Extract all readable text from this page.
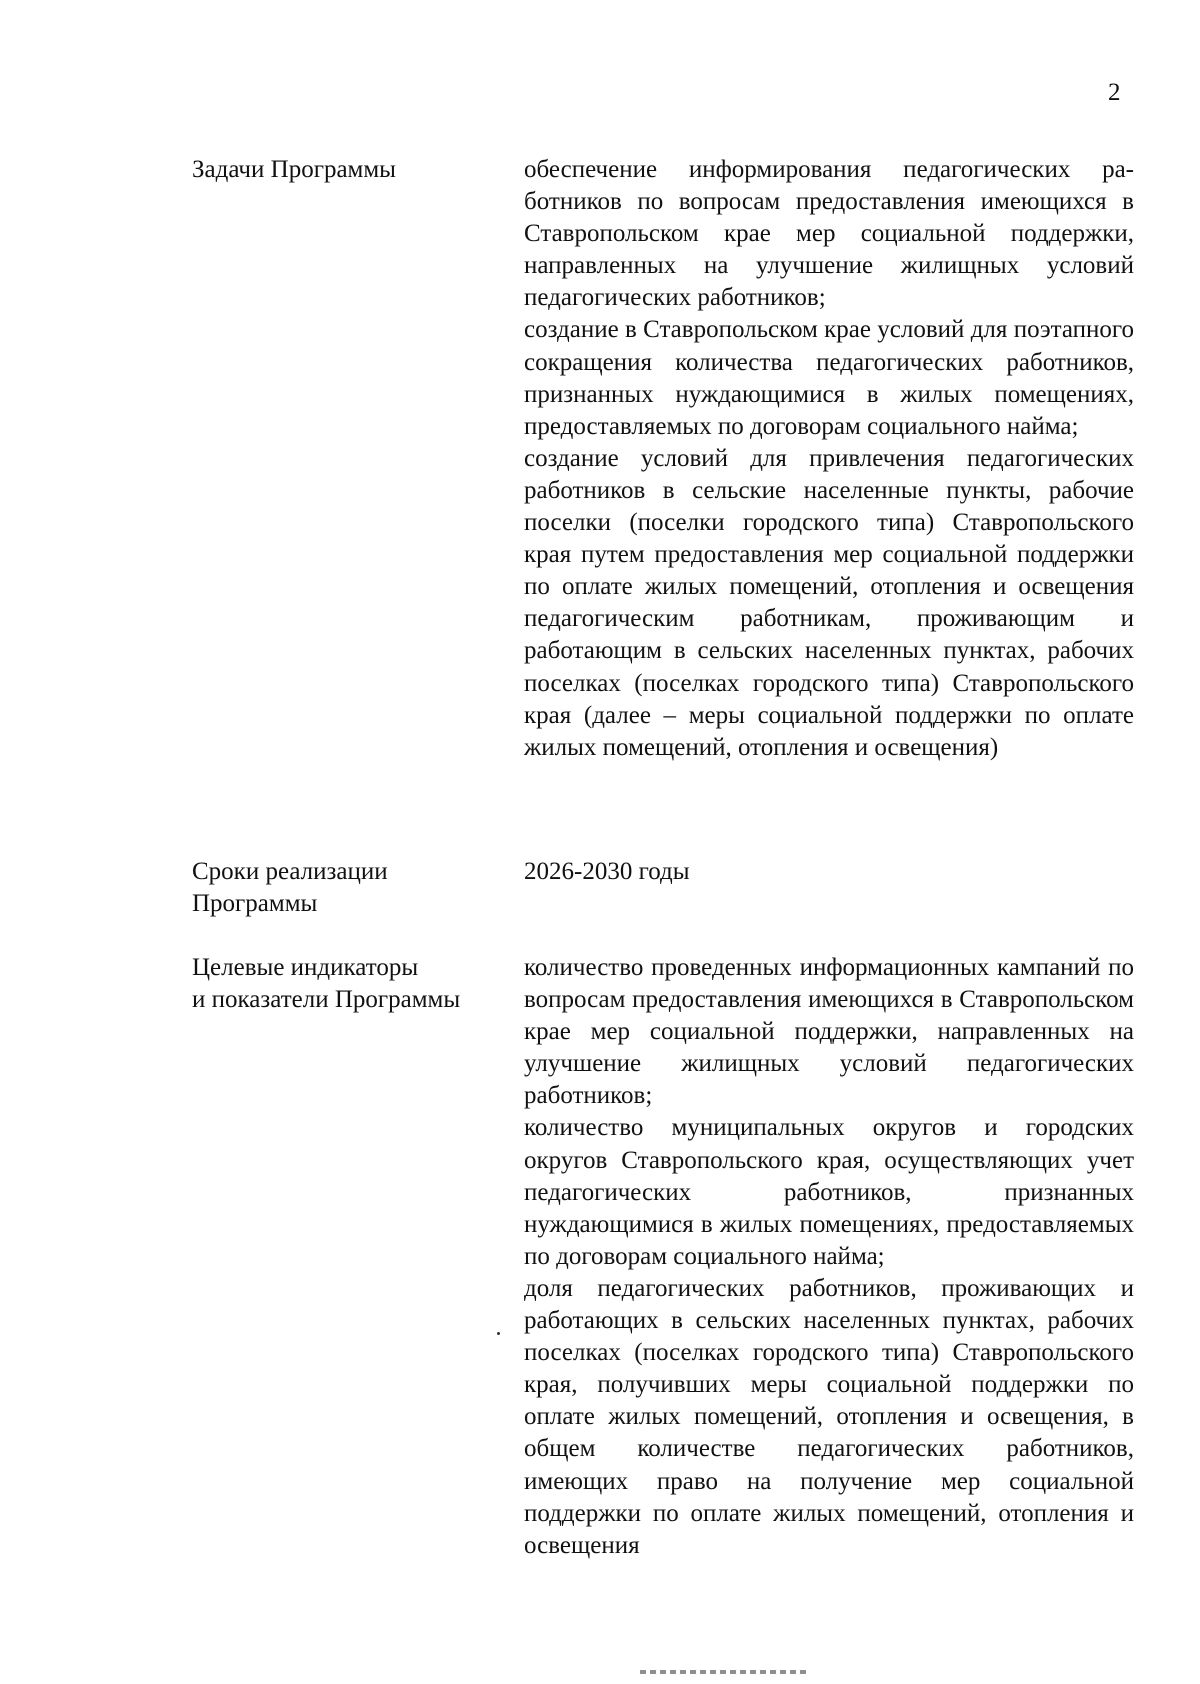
2
Задачи Программы	обеспечение информирования педагогических работников по вопросам предоставления имеющихся в Ставропольском крае мер социальной поддержки, направленных на улучшение жилищных условий педагогических работников;

создание в Ставропольском крае условий для поэтапного сокращения количества педагогических работников, признанных нуждающимися в жилых помещениях, предоставляемых по договорам социального найма;

создание условий для привлечения педагогических работников в сельские населенные пункты, рабочие поселки (поселки городского типа) Ставропольского края путем предоставления мер социальной поддержки по оплате жилых помещений, отопления и освещения педагогическим работникам, проживающим и работающим в сельских населенных пунктах, рабочих поселках (поселках городского типа) Ставропольского края (далее – меры социальной поддержки по оплате жилых помещений, отопления и освещения)

Сроки реализации
Программы

2026-2030 годы

Целевые индикаторы
и показатели Программы

количество проведенных информационных кампаний по вопросам предоставления имеющихся в Ставропольском крае мер социальной поддержки, направленных на улучшение жилищных условий педагогических работников;

количество муниципальных округов и городских округов Ставропольского края, осуществляющих учет педагогических работников, признанных нуждающимися в жилых помещениях, предоставляемых по договорам социального найма;

доля педагогических работников, проживающих и работающих в сельских населенных пунктах, рабочих поселках (поселках городского типа) Ставропольского края, получивших меры социальной поддержки по оплате жилых помещений, отопления и освещения, в общем количестве педагогических работников, имеющих право на получение мер социальной поддержки по оплате жилых помещений, отопления и освещения
